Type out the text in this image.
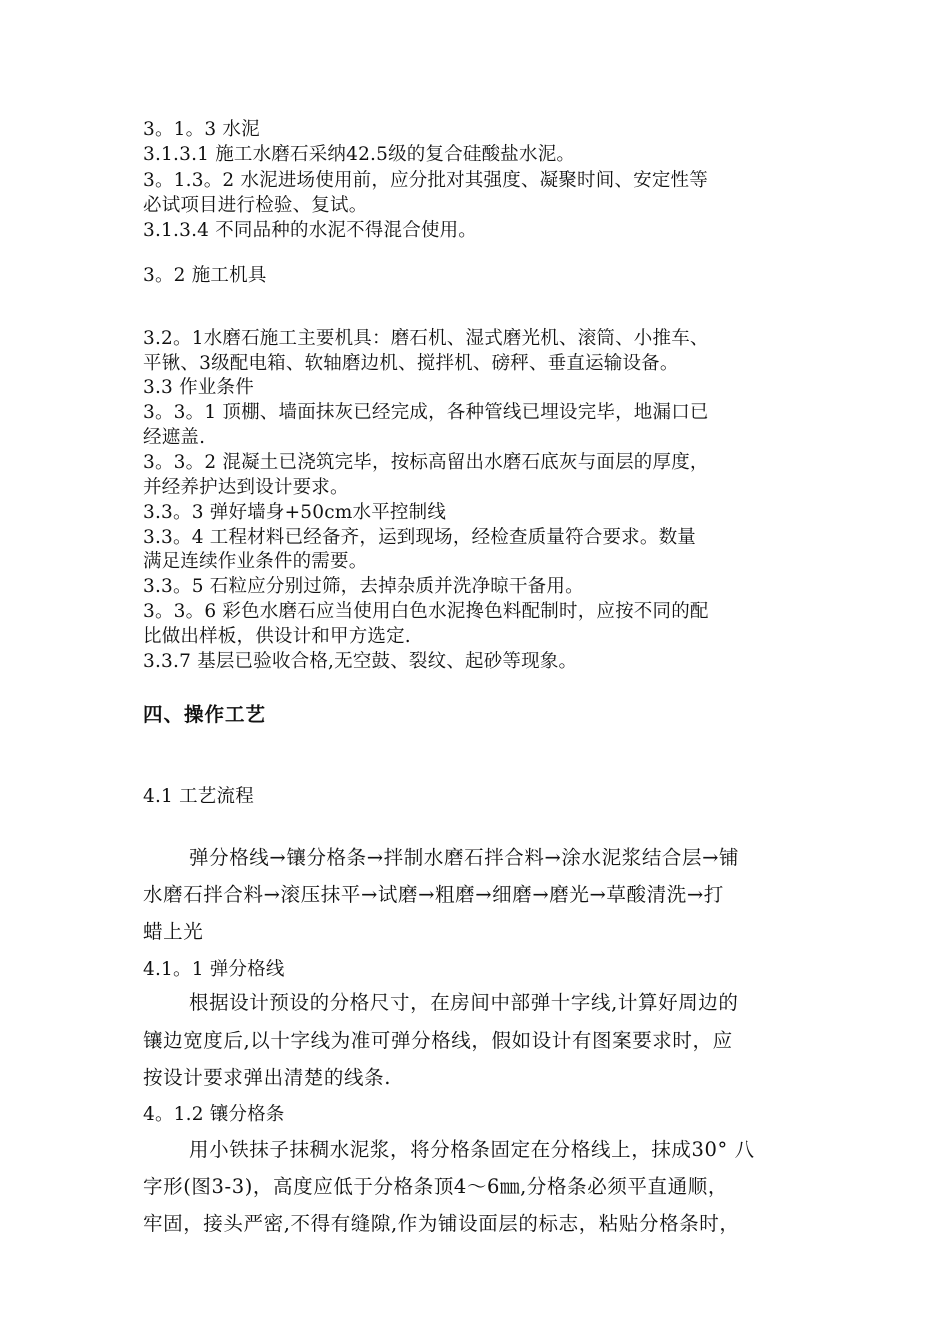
3。1。3 水泥
3.1.3.1 施工水磨石采纳42.5级的复合硅酸盐水泥。
3。1.3。2 水泥进场使用前，应分批对其强度、凝聚时间、安定性等
必试项目进行检验、复试。
3.1.3.4 不同品种的水泥不得混合使用。
3。2 施工机具
3.2。1水磨石施工主要机具：磨石机、湿式磨光机、滚筒、小推车、
平锹、3级配电箱、软轴磨边机、搅拌机、磅秤、垂直运输设备。
3.3 作业条件
3。3。1 顶棚、墙面抹灰已经完成，各种管线已埋设完毕，地漏口已
经遮盖.
3。3。2 混凝土已浇筑完毕，按标高留出水磨石底灰与面层的厚度，
并经养护达到设计要求。
3.3。3 弹好墙身+50cm水平控制线
3.3。4 工程材料已经备齐，运到现场，经检查质量符合要求。数量
满足连续作业条件的需要。
3.3。5 石粒应分别过筛，去掉杂质并洗净晾干备用。
3。3。6 彩色水磨石应当使用白色水泥搀色料配制时，应按不同的配
比做出样板，供设计和甲方选定.
3.3.7 基层已验收合格,无空鼓、裂纹、起砂等现象。
四、操作工艺
4.1 工艺流程
弹分格线→镶分格条→拌制水磨石拌合料→涂水泥浆结合层→铺
水磨石拌合料→滚压抹平→试磨→粗磨→细磨→磨光→草酸清洗→打
蜡上光
4.1。1 弹分格线
根据设计预设的分格尺寸，在房间中部弹十字线,计算好周边的
镶边宽度后,以十字线为准可弹分格线，假如设计有图案要求时，应
按设计要求弹出清楚的线条.
4。1.2 镶分格条
用小铁抹子抹稠水泥浆，将分格条固定在分格线上，抹成30° 八
字形(图3-3)，高度应低于分格条顶4～6㎜,分格条必须平直通顺，
牢固，接头严密,不得有缝隙,作为铺设面层的标志，粘贴分格条时，
